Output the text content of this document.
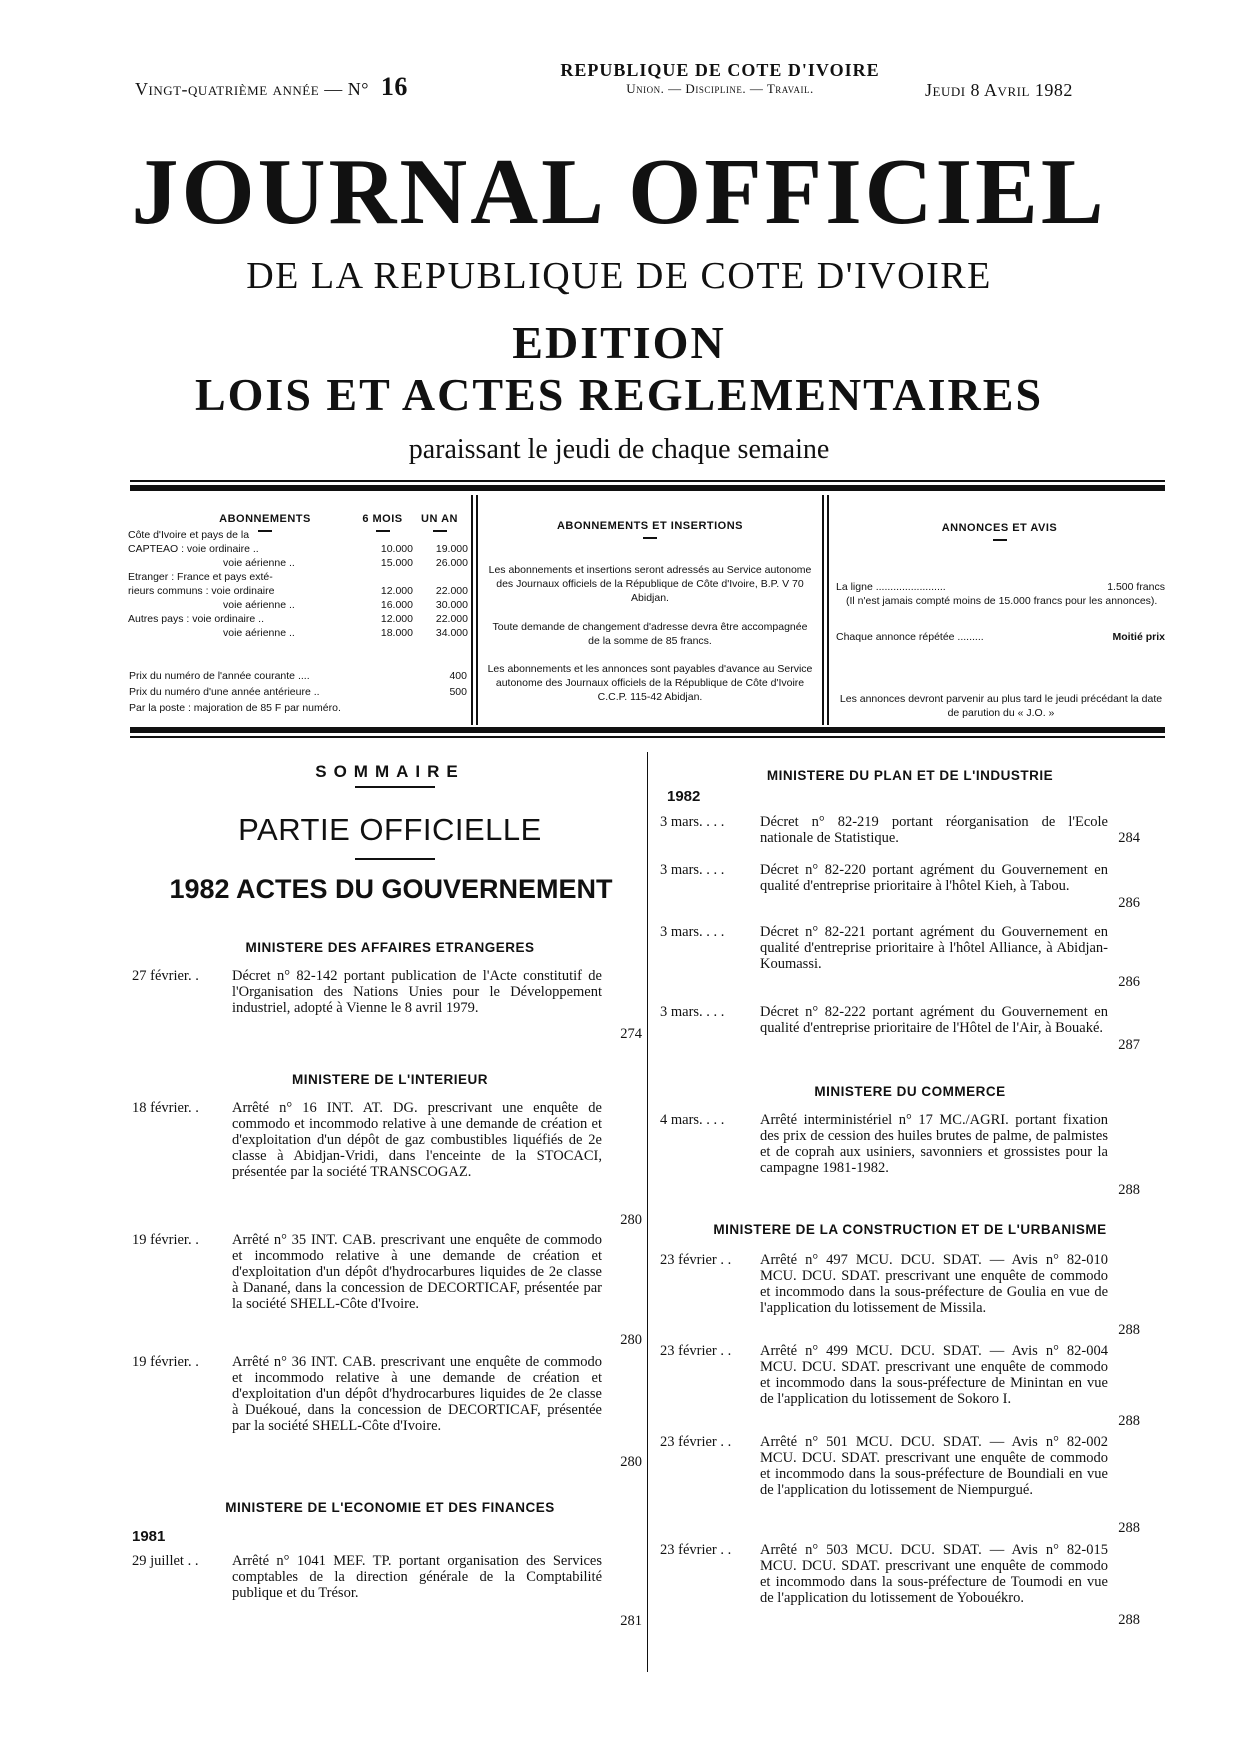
Vingt-quatrième année — N° 16
REPUBLIQUE DE COTE D'IVOIRE
Union. — Discipline. — Travail.	Jeudi 8 Avril 1982
JOURNAL OFFICIEL
DE LA REPUBLIQUE DE COTE D'IVOIRE
EDITION
LOIS ET ACTES REGLEMENTAIRES
paraissant le jeudi de chaque semaine
ABONNEMENTS	6 MOIS	UN AN
Côte d'Ivoire et pays de la		
CAPTEAO : voie ordinaire ..	10.000	19.000
voie aérienne ..	15.000	26.000
Etranger : France et pays exté-		
rieurs communs : voie ordinaire	12.000	22.000
voie aérienne ..	16.000	30.000
Autres pays : voie ordinaire ..	12.000	22.000
voie aérienne ..	18.000	34.000
Prix du numéro de l'année courante ....	400
Prix du numéro d'une année antérieure ..	500
Par la poste : majoration de 85 F par numéro.	
ABONNEMENTS ET INSERTIONS
Les abonnements et insertions seront adressés au Service autonome des Journaux officiels de la République de Côte d'Ivoire, B.P. V 70 Abidjan.
Toute demande de changement d'adresse devra être accompagnée de la somme de 85 francs.
Les abonnements et les annonces sont payables d'avance au Service autonome des Journaux officiels de la République de Côte d'Ivoire C.C.P. 115-42 Abidjan.
ANNONCES ET AVIS
La ligne ........................	1.500 francs
(Il n'est jamais compté moins de 15.000 francs pour les annonces).
Chaque annonce répétée .........	Moitié prix
Les annonces devront parvenir au plus tard le jeudi précédant la date de parution du « J.O. »
SOMMAIRE
PARTIE OFFICIELLE
1982 ACTES DU GOUVERNEMENT
MINISTERE DES AFFAIRES ETRANGERES
27 février. . Décret n° 82-142 portant publication de l'Acte constitutif de l'Organisation des Nations Unies pour le Développement industriel, adopté à Vienne le 8 avril 1979.
274
MINISTERE DE L'INTERIEUR
18 février. . Arrêté n° 16 INT. AT. DG. prescrivant une enquête de commodo et incommodo relative à une demande de création et d'exploitation d'un dépôt de gaz combustibles liquéfiés de 2e classe à Abidjan-Vridi, dans l'enceinte de la STOCACI, présentée par la société TRANSCOGAZ.
280
19 février. . Arrêté n° 35 INT. CAB. prescrivant une enquête de commodo et incommodo relative à une demande de création et d'exploitation d'un dépôt d'hydrocarbures liquides de 2e classe à Danané, dans la concession de DECORTICAF, présentée par la société SHELL-Côte d'Ivoire.
280
19 février. . Arrêté n° 36 INT. CAB. prescrivant une enquête de commodo et incommodo relative à une demande de création et d'exploitation d'un dépôt d'hydrocarbures liquides de 2e classe à Duékoué, dans la concession de DECORTICAF, présentée par la société SHELL-Côte d'Ivoire.
280
MINISTERE DE L'ECONOMIE ET DES FINANCES
1981
29 juillet . . Arrêté n° 1041 MEF. TP. portant organisation des Services comptables de la direction générale de la Comptabilité publique et du Trésor.
281
MINISTERE DU PLAN ET DE L'INDUSTRIE
1982
3 mars. . . . Décret n° 82-219 portant réorganisation de l'Ecole nationale de Statistique.	284
3 mars. . . . Décret n° 82-220 portant agrément du Gouvernement en qualité d'entreprise prioritaire à l'hôtel Kieh, à Tabou.
286
3 mars. . . . Décret n° 82-221 portant agrément du Gouvernement en qualité d'entreprise prioritaire à l'hôtel Alliance, à Abidjan-Koumassi.
286
3 mars. . . . Décret n° 82-222 portant agrément du Gouvernement en qualité d'entreprise prioritaire de l'Hôtel de l'Air, à Bouaké.
287
MINISTERE DU COMMERCE
4 mars. . . . Arrêté interministériel n° 17 MC./AGRI. portant fixation des prix de cession des huiles brutes de palme, de palmistes et de coprah aux usiniers, savonniers et grossistes pour la campagne 1981-1982.
288
MINISTERE DE LA CONSTRUCTION ET DE L'URBANISME
23 février . . Arrêté n° 497 MCU. DCU. SDAT. — Avis n° 82-010 MCU. DCU. SDAT. prescrivant une enquête de commodo et incommodo dans la sous-préfecture de Goulia en vue de l'application du lotissement de Missila.
288
23 février . . Arrêté n° 499 MCU. DCU. SDAT. — Avis n° 82-004 MCU. DCU. SDAT. prescrivant une enquête de commodo et incommodo dans la sous-préfecture de Minintan en vue de l'application du lotissement de Sokoro I.
288
23 février . . Arrêté n° 501 MCU. DCU. SDAT. — Avis n° 82-002 MCU. DCU. SDAT. prescrivant une enquête de commodo et incommodo dans la sous-préfecture de Boundiali en vue de l'application du lotissement de Niempurgué.
288
23 février . . Arrêté n° 503 MCU. DCU. SDAT. — Avis n° 82-015 MCU. DCU. SDAT. prescrivant une enquête de commodo et incommodo dans la sous-préfecture de Toumodi en vue de l'application du lotissement de Yobouékro.
288
